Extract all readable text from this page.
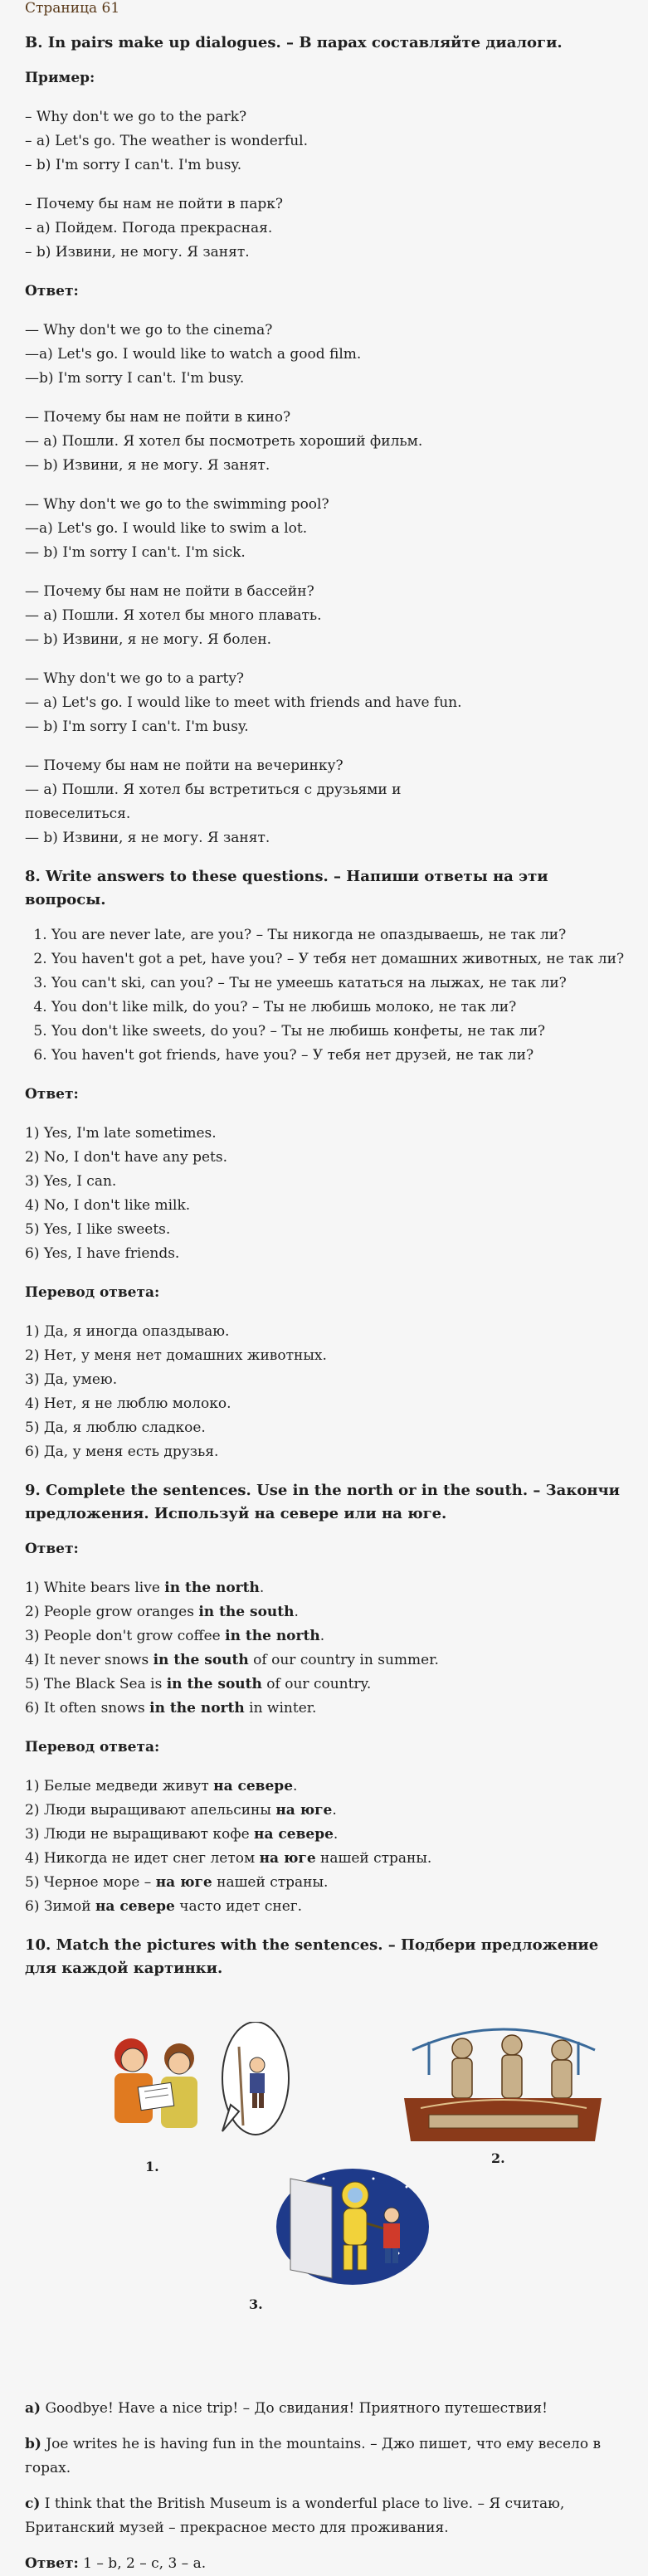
Страница 61
B. In pairs make up dialogues. – В парах составляйте диалоги.
Пример:
– Why don't we go to the park?
– a) Let's go. The weather is wonderful.
– b) I'm sorry I can't. I'm busy.
– Почему бы нам не пойти в парк?
– а) Пойдем. Погода прекрасная.
– b) Извини, не могу. Я занят.
Ответ:
— Why don't we go to the cinema?
—a) Let's go. I would like to watch a good film.
—b) I'm sorry I can't. I'm busy.
— Почему бы нам не пойти в кино?
— а) Пошли. Я хотел бы посмотреть хороший фильм.
— b) Извини, я не могу. Я занят.
— Why don't we go to the swimming pool?
—a) Let's go. I would like to swim a lot.
— b) I'm sorry I can't. I'm sick.
— Почему бы нам не пойти в бассейн?
— а) Пошли. Я хотел бы много плавать.
— b) Извини, я не могу. Я болен.
— Why don't we go to a party?
— a) Let's go. I would like to meet with friends and have fun.
— b) I'm sorry I can't. I'm busy.
— Почему бы нам не пойти на вечеринку?
— а) Пошли. Я хотел бы встретиться с друзьями и
повеселиться.
— b) Извини, я не могу. Я занят.
8. Write answers to these questions. – Напиши ответы на эти вопросы.
1. You are never late, are you? – Ты никогда не опаздываешь, не так ли?
2. You haven't got a pet, have you? – У тебя нет домашних животных, не так ли?
3. You can't ski, can you? – Ты не умеешь кататься на лыжах, не так ли?
4. You don't like milk, do you? – Ты не любишь молоко, не так ли?
5. You don't like sweets, do you? – Ты не любишь конфеты, не так ли?
6. You haven't got friends, have you? – У тебя нет друзей, не так ли?
Ответ:
1) Yes, I'm late sometimes.
2) No, I don't have any pets.
3) Yes, I can.
4) No, I don't like milk.
5) Yes, I like sweets.
6) Yes, I have friends.
Перевод ответа:
1) Да, я иногда опаздываю.
2) Нет, у меня нет домашних животных.
3) Да, умею.
4) Нет, я не люблю молоко.
5) Да, я люблю сладкое.
6) Да, у меня есть друзья.
9. Complete the sentences. Use in the north or in the south. – Закончи предложения. Используй на севере или на юге.
Ответ:
1) White bears live in the north.
2) People grow oranges in the south.
3) People don't grow coffee in the north.
4) It never snows in the south of our country in summer.
5) The Black Sea is in the south of our country.
6) It often snows in the north in winter.
Перевод ответа:
1) Белые медведи живут на севере.
2) Люди выращивают апельсины на юге.
3) Люди не выращивают кофе на севере.
4) Никогда не идет снег летом на юге нашей страны.
5) Черное море – на юге нашей страны.
6) Зимой на севере часто идет снег.
10. Match the pictures with the sentences. – Подбери предложение для каждой картинки.
1.
2.
3.
a) Goodbye! Have a nice trip! – До свидания! Приятного путешествия!
b) Joe writes he is having fun in the mountains. – Джо пишет, что ему весело в горах.
c) I think that the British Museum is a wonderful place to live. – Я считаю, Британский музей – прекрасное место для проживания.
Ответ: 1 – b, 2 – c, 3 – a.
